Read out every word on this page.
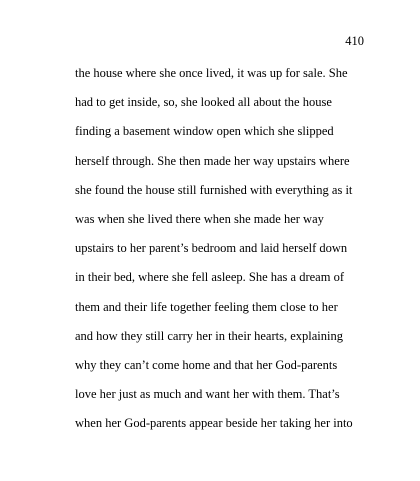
410
the house where she once lived, it was up for sale. She
had to get inside, so, she looked all about the house
finding a basement window open which she slipped
herself through. She then made her way upstairs where
she found the house still furnished with everything as it
was when she lived there when she made her way
upstairs to her parent’s bedroom and laid herself down
in their bed, where she fell asleep. She has a dream of
them and their life together feeling them close to her
and how they still carry her in their hearts, explaining
why they can’t come home and that her God-parents
love her just as much and want her with them. That’s
when her God-parents appear beside her taking her into
